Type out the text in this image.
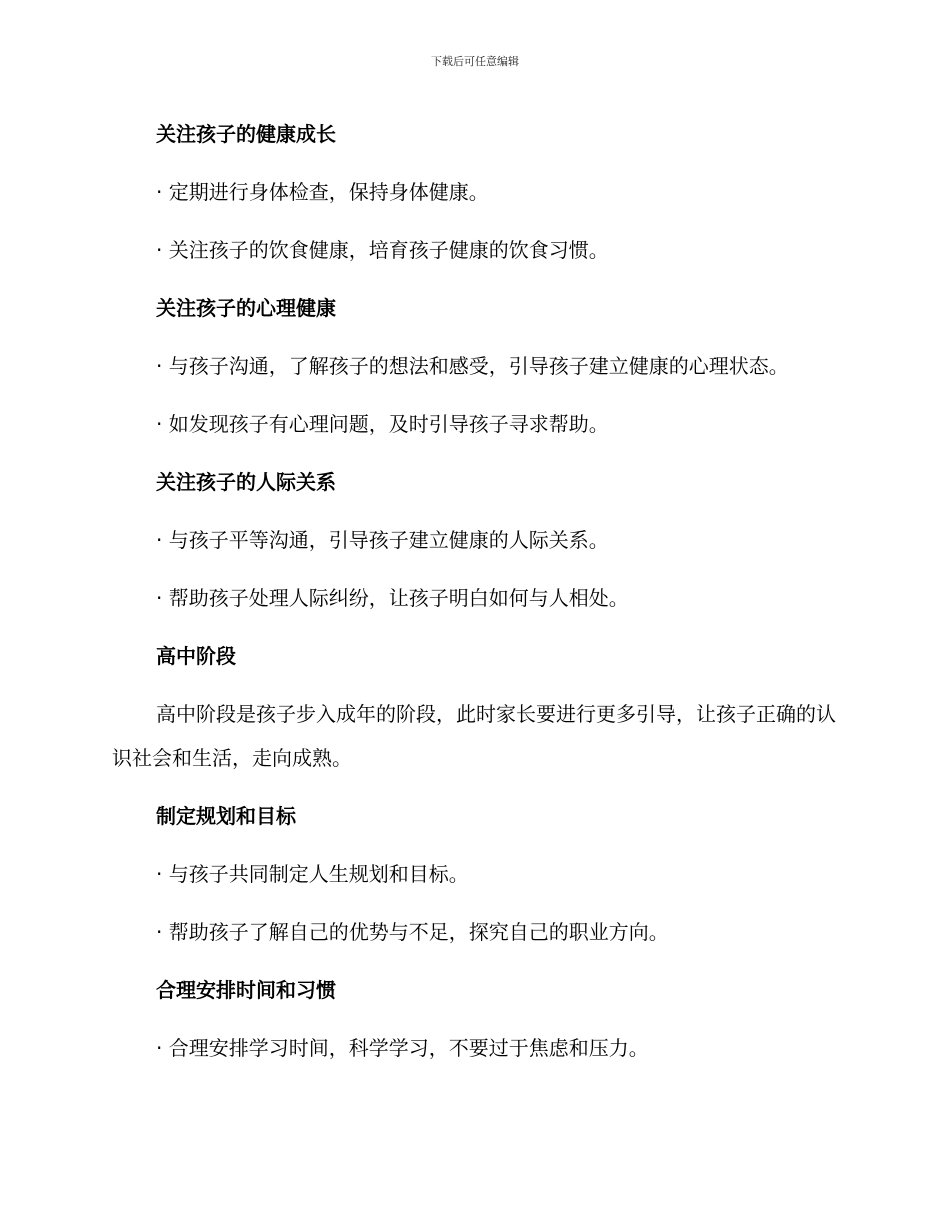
下载后可任意编辑

关注孩子的健康成长

· 定期进行身体检查，保持身体健康。

· 关注孩子的饮食健康，培育孩子健康的饮食习惯。

关注孩子的心理健康

· 与孩子沟通，了解孩子的想法和感受，引导孩子建立健康的心理状态。

· 如发现孩子有心理问题，及时引导孩子寻求帮助。

关注孩子的人际关系

· 与孩子平等沟通，引导孩子建立健康的人际关系。

· 帮助孩子处理人际纠纷，让孩子明白如何与人相处。

高中阶段

高中阶段是孩子步入成年的阶段，此时家长要进行更多引导，让孩子正确的认识社会和生活，走向成熟。

制定规划和目标

· 与孩子共同制定人生规划和目标。

· 帮助孩子了解自己的优势与不足，探究自己的职业方向。

合理安排时间和习惯

· 合理安排学习时间，科学学习，不要过于焦虑和压力。
